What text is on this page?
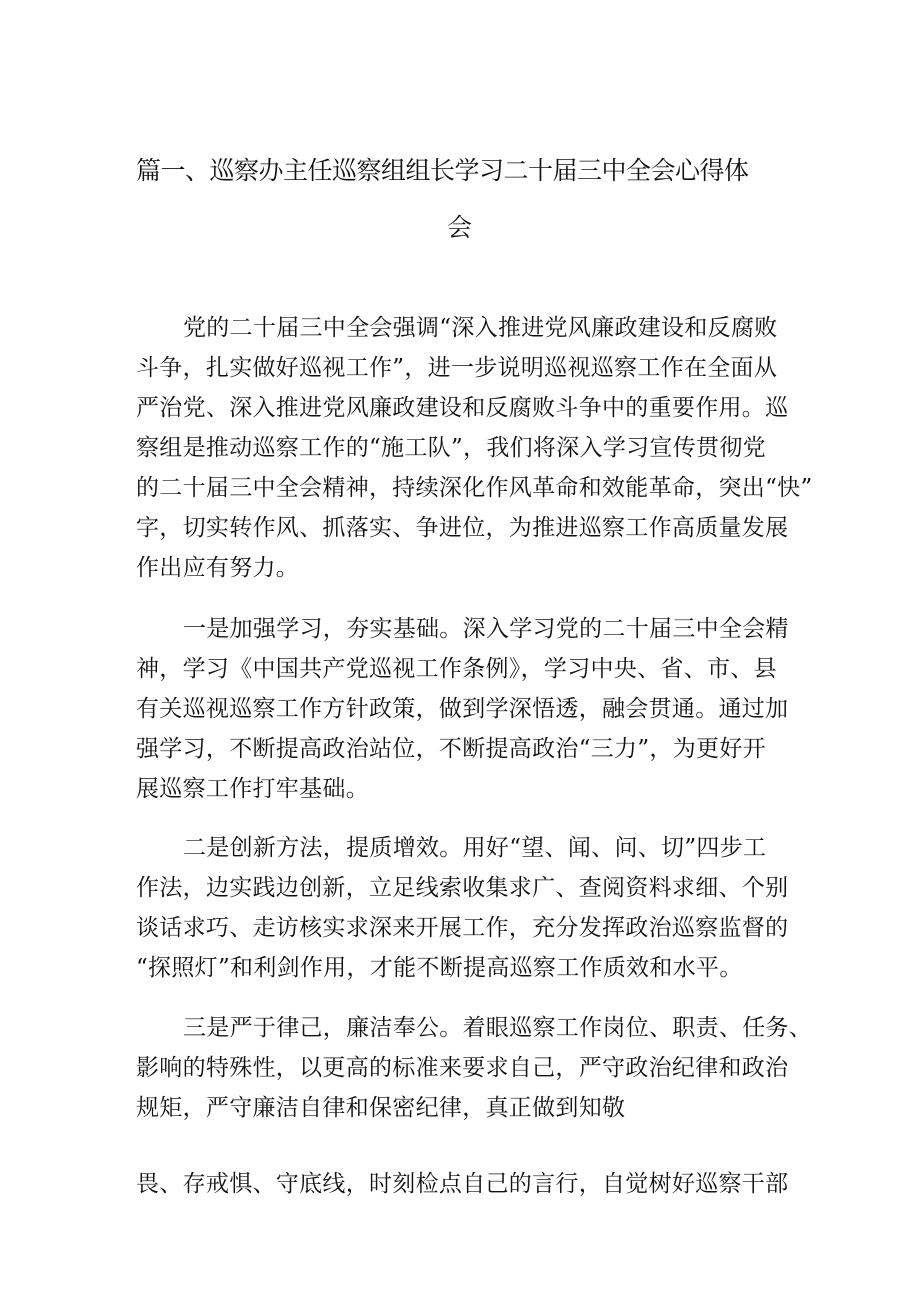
篇一、巡察办主任巡察组组长学习二十届三中全会心得体
会
党的二十届三中全会强调“深入推进党风廉政建设和反腐败
斗争，扎实做好巡视工作”，进一步说明巡视巡察工作在全面从
严治党、深入推进党风廉政建设和反腐败斗争中的重要作用。巡
察组是推动巡察工作的“施工队”，我们将深入学习宣传贯彻党
的二十届三中全会精神，持续深化作风革命和效能革命，突出“快”
字，切实转作风、抓落实、争进位，为推进巡察工作高质量发展
作出应有努力。
一是加强学习，夯实基础。深入学习党的二十届三中全会精
神，学习《中国共产党巡视工作条例》，学习中央、省、市、县
有关巡视巡察工作方针政策，做到学深悟透，融会贯通。通过加
强学习，不断提高政治站位，不断提高政治“三力”，为更好开
展巡察工作打牢基础。
二是创新方法，提质增效。用好“望、闻、问、切”四步工
作法，边实践边创新，立足线索收集求广、查阅资料求细、个别
谈话求巧、走访核实求深来开展工作，充分发挥政治巡察监督的
“探照灯”和利剑作用，才能不断提高巡察工作质效和水平。
三是严于律己，廉洁奉公。着眼巡察工作岗位、职责、任务、
影响的特殊性，以更高的标准来要求自己，严守政治纪律和政治
规矩，严守廉洁自律和保密纪律，真正做到知敬
畏、存戒惧、守底线，时刻检点自己的言行，自觉树好巡察干部
